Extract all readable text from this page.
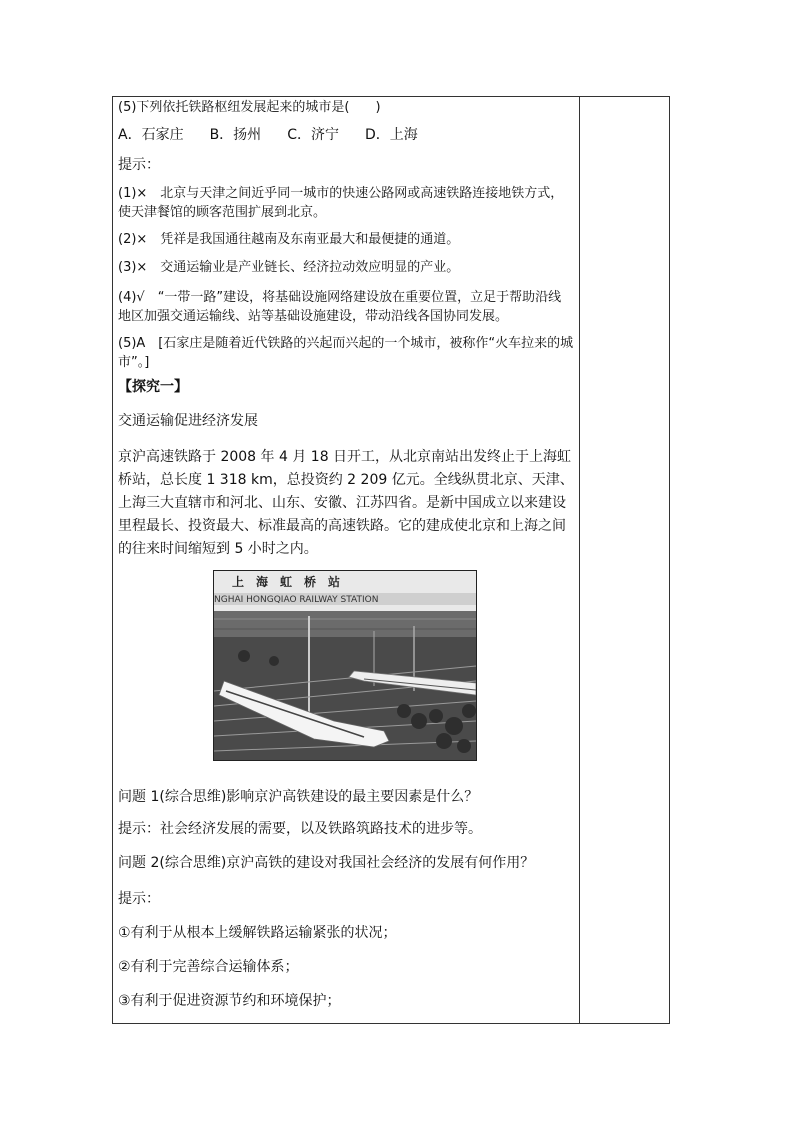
(5)下列依托铁路枢纽发展起来的城市是(　　)

A．石家庄 B．扬州 C．济宁 D．上海

提示：

(1)×　北京与天津之间近乎同一城市的快速公路网或高速铁路连接地铁方式，使天津餐馆的顾客范围扩展到北京。

(2)×　凭祥是我国通往越南及东南亚最大和最便捷的通道。

(3)×　交通运输业是产业链长、经济拉动效应明显的产业。

(4)√　“一带一路”建设，将基础设施网络建设放在重要位置，立足于帮助沿线地区加强交通运输线、站等基础设施建设，带动沿线各国协同发展。

(5)A　[石家庄是随着近代铁路的兴起而兴起的一个城市，被称作“火车拉来的城市”。]

【探究一】

交通运输促进经济发展

京沪高速铁路于 2008 年 4 月 18 日开工，从北京南站出发终止于上海虹桥站，总长度 1 318 km，总投资约 2 209 亿元。全线纵贯北京、天津、上海三大直辖市和河北、山东、安徽、江苏四省。是新中国成立以来建设里程最长、投资最大、标准最高的高速铁路。它的建成使北京和上海之间的往来时间缩短到 5 小时之内。

问题 1(综合思维)影响京沪高铁建设的最主要因素是什么？

提示：社会经济发展的需要，以及铁路筑路技术的进步等。

问题 2(综合思维)京沪高铁的建设对我国社会经济的发展有何作用？

提示：

①有利于从根本上缓解铁路运输紧张的状况；

②有利于完善综合运输体系；

③有利于促进资源节约和环境保护；

上　海　虹　桥　站
NGHAI HONGQIAO RAILWAY STATION
